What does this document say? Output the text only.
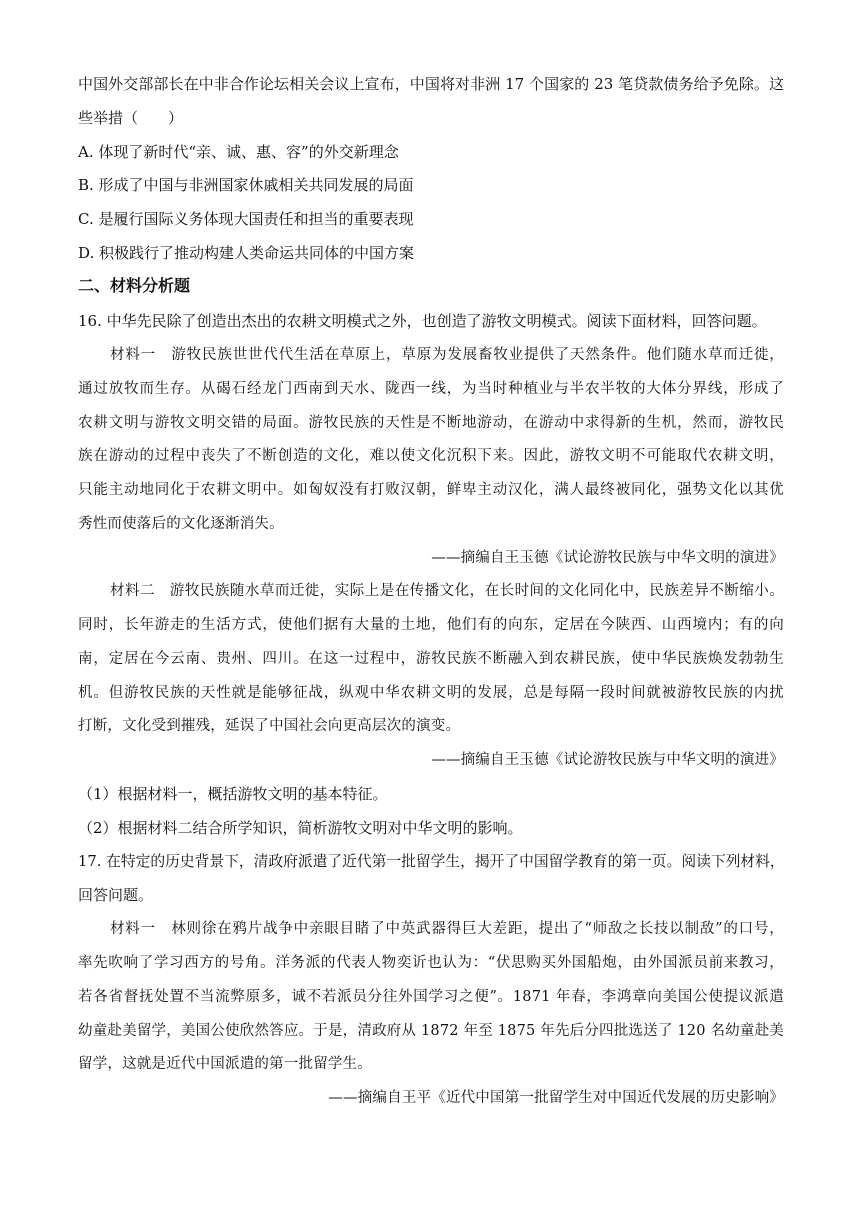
中国外交部部长在中非合作论坛相关会议上宣布，中国将对非洲 17 个国家的 23 笔贷款债务给予免除。这
些举措（　　）
A. 体现了新时代“亲、诚、惠、容”的外交新理念
B. 形成了中国与非洲国家休戚相关共同发展的局面
C. 是履行国际义务体现大国责任和担当的重要表现
D. 积极践行了推动构建人类命运共同体的中国方案
二、材料分析题
16. 中华先民除了创造出杰出的农耕文明模式之外，也创造了游牧文明模式。阅读下面材料，回答问题。
材料一　游牧民族世世代代生活在草原上，草原为发展畜牧业提供了天然条件。他们随水草而迁徙，
通过放牧而生存。从碣石经龙门西南到天水、陇西一线，为当时种植业与半农半牧的大体分界线，形成了
农耕文明与游牧文明交错的局面。游牧民族的天性是不断地游动，在游动中求得新的生机，然而，游牧民
族在游动的过程中丧失了不断创造的文化，难以使文化沉积下来。因此，游牧文明不可能取代农耕文明，
只能主动地同化于农耕文明中。如匈奴没有打败汉朝，鲜卑主动汉化，满人最终被同化，强势文化以其优
秀性而使落后的文化逐渐消失。
——摘编自王玉德《试论游牧民族与中华文明的演进》
材料二　游牧民族随水草而迁徙，实际上是在传播文化，在长时间的文化同化中，民族差异不断缩小。
同时，长年游走的生活方式，使他们据有大量的土地，他们有的向东，定居在今陕西、山西境内；有的向
南，定居在今云南、贵州、四川。在这一过程中，游牧民族不断融入到农耕民族，使中华民族焕发勃勃生
机。但游牧民族的天性就是能够征战，纵观中华农耕文明的发展，总是每隔一段时间就被游牧民族的内扰
打断，文化受到摧残，延误了中国社会向更高层次的演变。
——摘编自王玉德《试论游牧民族与中华文明的演进》
（1）根据材料一，概括游牧文明的基本特征。
（2）根据材料二结合所学知识，简析游牧文明对中华文明的影响。
17. 在特定的历史背景下，清政府派遣了近代第一批留学生，揭开了中国留学教育的第一页。阅读下列材料，
回答问题。
材料一　林则徐在鸦片战争中亲眼目睹了中英武器得巨大差距，提出了“师敌之长技以制敌”的口号，
率先吹响了学习西方的号角。洋务派的代表人物奕䜣也认为：“伏思购买外国船炮，由外国派员前来教习，
若各省督抚处置不当流弊原多，诚不若派员分往外国学习之便”。1871 年春，李鸿章向美国公使提议派遣
幼童赴美留学，美国公使欣然答应。于是，清政府从 1872 年至 1875 年先后分四批选送了 120 名幼童赴美
留学，这就是近代中国派遣的第一批留学生。
——摘编自王平《近代中国第一批留学生对中国近代发展的历史影响》
